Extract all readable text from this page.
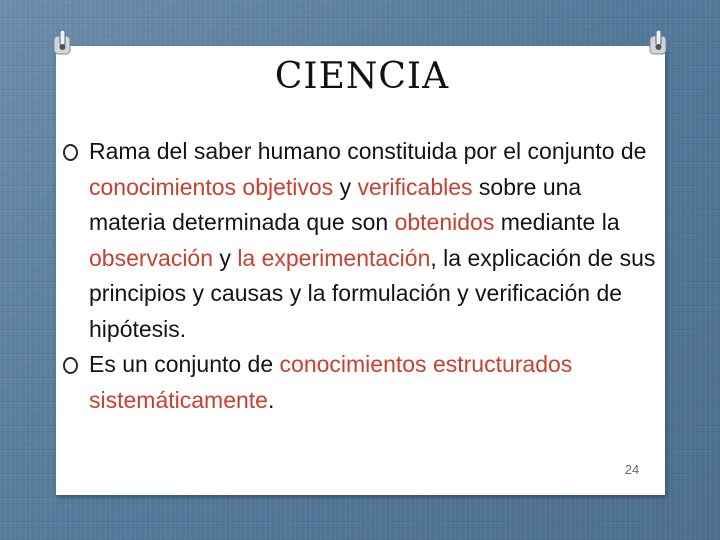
CIENCIA

Rama del saber humano constituida por el conjunto de conocimientos objetivos y verificables sobre una materia determinada que son obtenidos mediante la observación y la experimentación, la explicación de sus principios y causas y la formulación y verificación de hipótesis.

Es un conjunto de conocimientos estructurados sistemáticamente.

24
